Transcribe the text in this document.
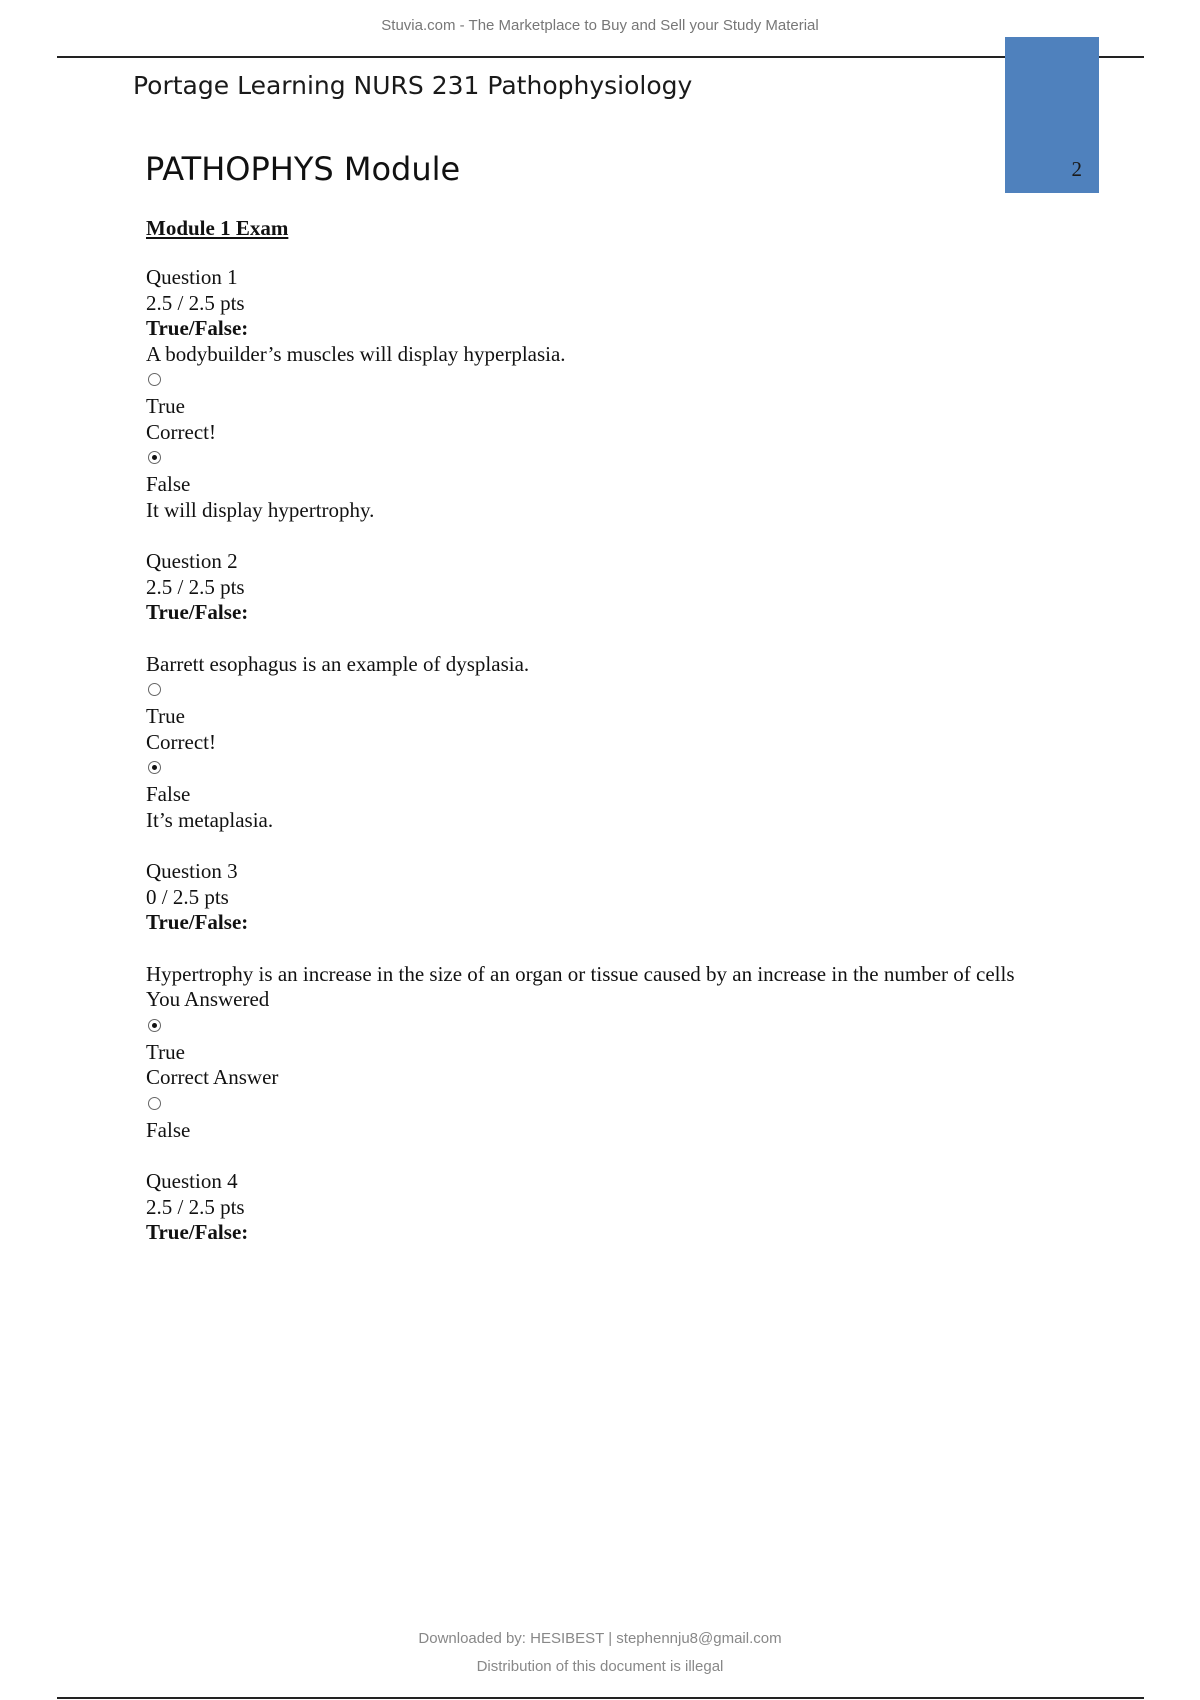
Stuvia.com - The Marketplace to Buy and Sell your Study Material
Portage Learning NURS 231 Pathophysiology
2
PATHOPHYS Module
Module 1 Exam
Question 1
2.5 / 2.5 pts
True/False:
A bodybuilder’s muscles will display hyperplasia.
True
Correct!
False
It will display hypertrophy.
Question 2
2.5 / 2.5 pts
True/False:
Barrett esophagus is an example of dysplasia.
True
Correct!
False
It’s metaplasia.
Question 3
0 / 2.5 pts
True/False:
Hypertrophy is an increase in the size of an organ or tissue caused by an increase in the number of cells
You Answered
True
Correct Answer
False
Question 4
2.5 / 2.5 pts
True/False:
Downloaded by: HESIBEST | stephennju8@gmail.com
Distribution of this document is illegal
